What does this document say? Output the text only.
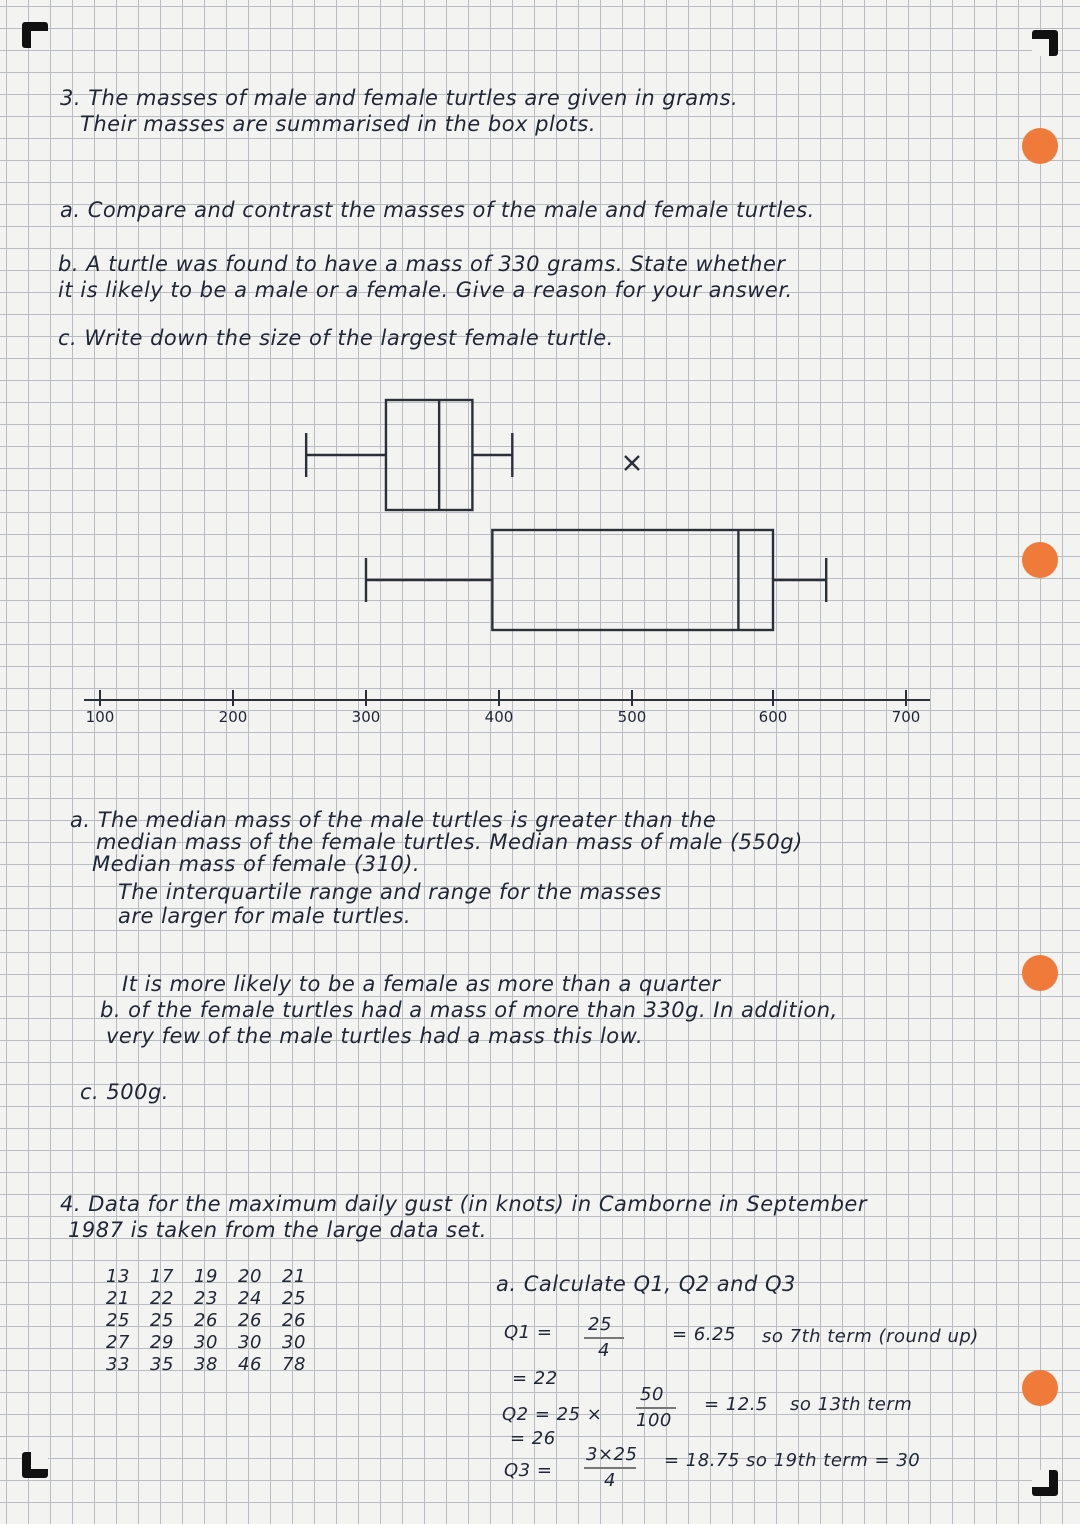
3. The masses of male and female turtles are given in grams.
Their masses are summarised in the box plots.
a. Compare and contrast the masses of the male and female turtles.
b. A turtle was found to have a mass of 330 grams. State whether
it is likely to be a male or a female. Give a reason for your answer.
c. Write down the size of the largest female turtle.
100	200	300	400	500	600	700
a. The median mass of the male turtles is greater than the
median mass of the female turtles. Median mass of male (550g)
Median mass of female (310).
The interquartile range and range for the masses
are larger for male turtles.
It is more likely to be a female as more than a quarter
b. of the female turtles had a mass of more than 330g. In addition,
very few of the male turtles had a mass this low.
c. 500g.
4. Data for the maximum daily gust (in knots) in Camborne in September
1987 is taken from the large data set.
13 17 19 20 21
21 22 23 24 25
25 25 26 26 26
27 29 30 30 30
33 35 38 46 78
a. Calculate Q1, Q2 and Q3
Q1 = 25
4
= 6.25 so 7th term (round up)
= 22
Q2 = 25 ×
50
100
= 12.5 so 13th term
= 26
Q3 =
3×25
4
= 18.75 so 19th term = 30
